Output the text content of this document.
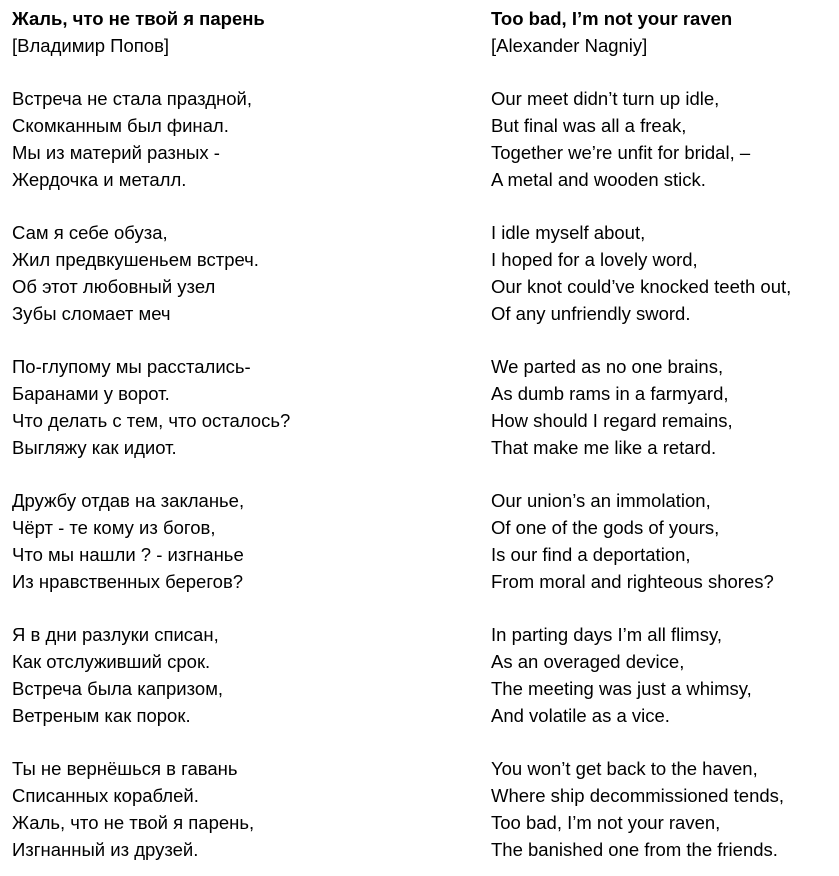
Жаль, что не твой я парень
[Владимир Попов]
Встреча не стала праздной,
Скомканным был финал.
Мы из материй разных -
Жердочка и металл.
Сам я себе обуза,
Жил предвкушеньем встреч.
Об этот любовный узел
Зубы сломает меч
По-глупому мы расстались-
Баранами у ворот.
Что делать с тем, что осталось?
Выгляжу как идиот.
Дружбу отдав на закланье,
Чёрт - те кому из богов,
Что мы нашли ? - изгнанье
Из нравственных берегов?
Я в дни разлуки списан,
Как отслуживший срок.
Встреча была капризом,
Ветреным как порок.
Ты не вернёшься в гавань
Списанных кораблей.
Жаль, что не твой я парень,
Изгнанный из друзей.
Too bad, I’m not your raven
[Alexander Nagniy]
Our meet didn’t turn up idle,
But final was all a freak,
Together we’re unfit for bridal, –
A metal and wooden stick.
I idle myself about,
I hoped for a lovely word,
Our knot could’ve knocked teeth out,
Of any unfriendly sword.
We parted as no one brains,
As dumb rams in a farmyard,
How should I regard remains,
That make me like a retard.
Our union’s an immolation,
Of one of the gods of yours,
Is our find a deportation,
From moral and righteous shores?
In parting days I’m all flimsy,
As an overaged device,
The meeting was just a whimsy,
And volatile as a vice.
You won’t get back to the haven,
Where ship decommissioned tends,
Too bad, I’m not your raven,
The banished one from the friends.
